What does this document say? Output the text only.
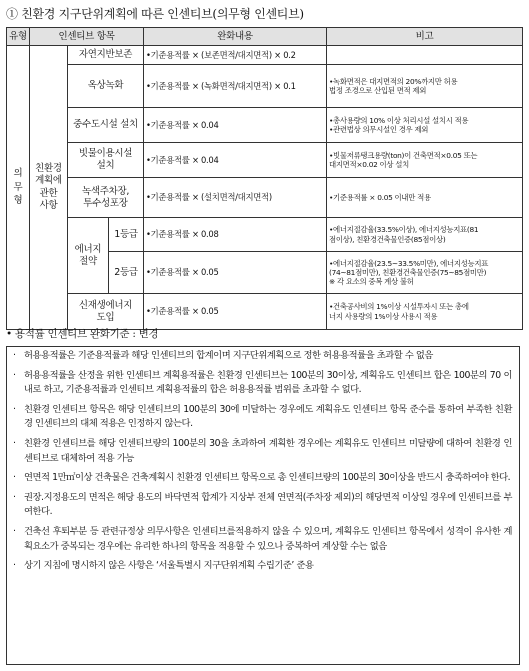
① 친환경 지구단위계획에 따른 인센티브(의무형 인센티브)
유형	인센티브 항목			완화내용	비고
의
무
형	친환경
계획에
관한
사항	자연지반보존		•기준용적률 × (보존면적/대지면적) × 0.2	
		옥상녹화		•기준용적률 × (녹화면적/대지면적) × 0.1	•녹화면적은 대지면적의 20%까지만 허용
법정 조경으로 산입된 면적 제외
		중수도시설 설치		•기준용적률 × 0.04	•총사용량의 10% 이상 처리시설 설치시 적용
•관련법상 의무시설인 경우 제외
		빗물이용시설
설치		•기준용적률 × 0.04	•빗물저류탱크용량(ton)이 건축면적×0.05 또는
대지면적×0.02 이상 설치
		녹색주차장,
투수성포장		•기준용적률 × (설치면적/대지면적)	•기준용적률 × 0.05 이내만 적용
		에너지
절약	1등급	•기준용적률 × 0.08	•에너지절감율(33.5%이상), 에너지성능지표(81
점이상), 친환경건축물인증(85점이상)
			2등급	•기준용적률 × 0.05	•에너지절감율(23.5~33.5%미만), 에너지성능지표
(74~81점미만), 친환경건축물인증(75~85점미만)
※ 각 요소의 중복 계상 불허
		신재생에너지
도입		•기준용적률 × 0.05	•건축공사비의 1%이상 시설투자시 또는 총에
너지 사용량의 1%이상 사용시 적용
• 용적률 인센티브 완화기준 : 변경
· 허용용적률은 기준용적률과 해당 인센티브의 합계이며 지구단위계획으로 정한 허용용적률을 초과할 수 없음
· 허용용적률을 산정을 위한 인센티브 계획용적률은 친환경 인센티브는 100분의 30이상, 계획유도 인센티브 합은 100분의 70 이내로 하고, 기준용적률과 인센티브 계획용적률의 합은 허용용적률 범위를 초과할 수 없다.
· 친환경 인센티브 항목은 해당 인센티브의 100분의 30에 미달하는 경우에도 계획유도 인센티브 항목 준수를 통하여 부족한 친환경 인센티브의 대체 적용은 인정하지 않는다.
· 친환경 인센티브를 해당 인센티브량의 100분의 30을 초과하여 계획한 경우에는 계획유도 인센티브 미달량에 대하여 친환경 인센티브로 대체하여 적용 가능
· 연면적 1만㎡이상 건축물은 건축계획시 친환경 인센티브 항목으로 총 인센티브량의 100분의 30이상을 반드시 충족하여야 한다.
· 권장.지정용도의 면적은 해당 용도의 바닥면적 합계가 지상부 전체 연면적(주차장 제외)의 해당면적 이상일 경우에 인센티브를 부여한다.
· 건축선 후퇴부분 등 관련규정상 의무사항은 인센티브를적용하지 않을 수 있으며, 계획유도 인센티브 항목에서 성격이 유사한 계획요소가 중복되는 경우에는 유리한 하나의 항목을 적용할 수 있으나 중복하여 계상할 수는 없음
· 상기 지침에 명시하지 않은 사항은 ‘서울특별시 지구단위계획 수립기준’ 준용
